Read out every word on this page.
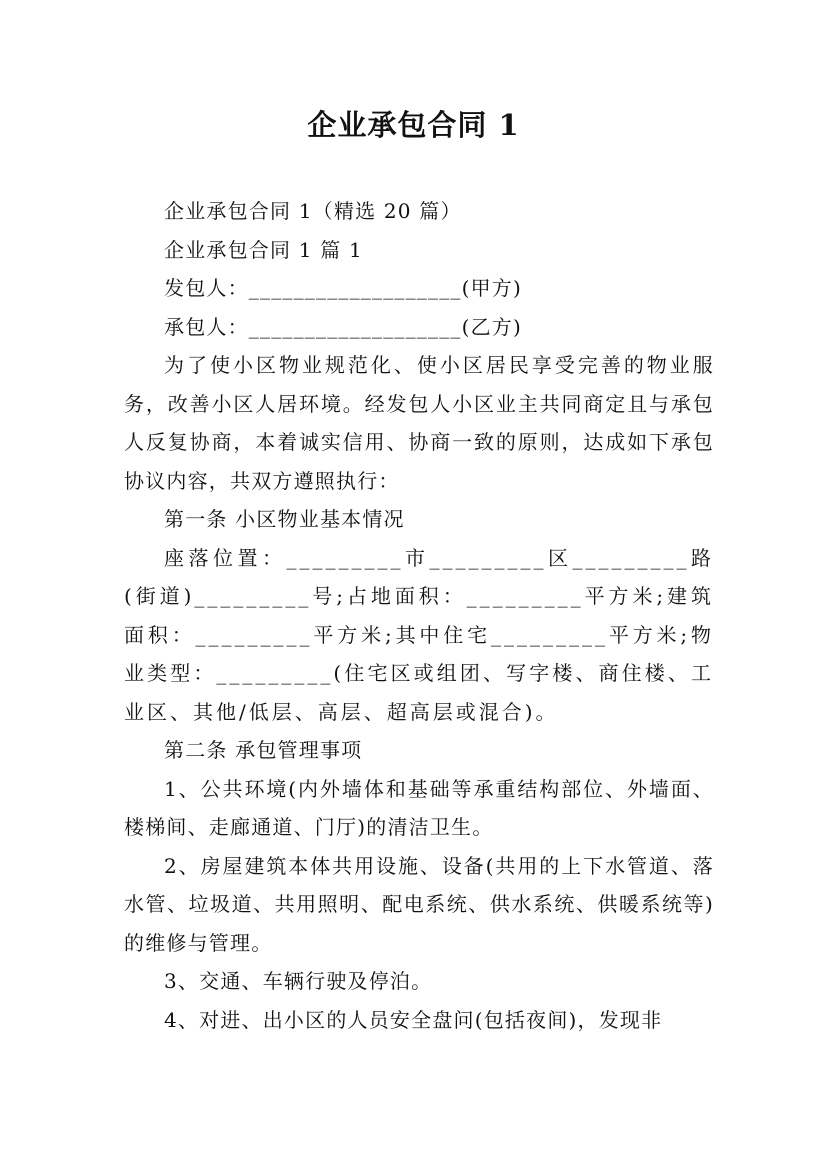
企业承包合同 1

企业承包合同 1（精选 20 篇）

企业承包合同 1 篇 1

发包人：___________________(甲方)

承包人：___________________(乙方)

为了使小区物业规范化、使小区居民享受完善的物业服务，改善小区人居环境。经发包人小区业主共同商定且与承包人反复协商，本着诚实信用、协商一致的原则，达成如下承包协议内容，共双方遵照执行：

第一条 小区物业基本情况

座落位置：_________市_________区_________路(街道)_________号;占地面积：_________平方米;建筑面积：_________平方米;其中住宅_________平方米;物业类型：_________(住宅区或组团、写字楼、商住楼、工业区、其他/低层、高层、超高层或混合)。

第二条 承包管理事项

1、公共环境(内外墙体和基础等承重结构部位、外墙面、楼梯间、走廊通道、门厅)的清洁卫生。

2、房屋建筑本体共用设施、设备(共用的上下水管道、落水管、垃圾道、共用照明、配电系统、供水系统、供暖系统等)的维修与管理。

3、交通、车辆行驶及停泊。

4、对进、出小区的人员安全盘问(包括夜间)，发现非
